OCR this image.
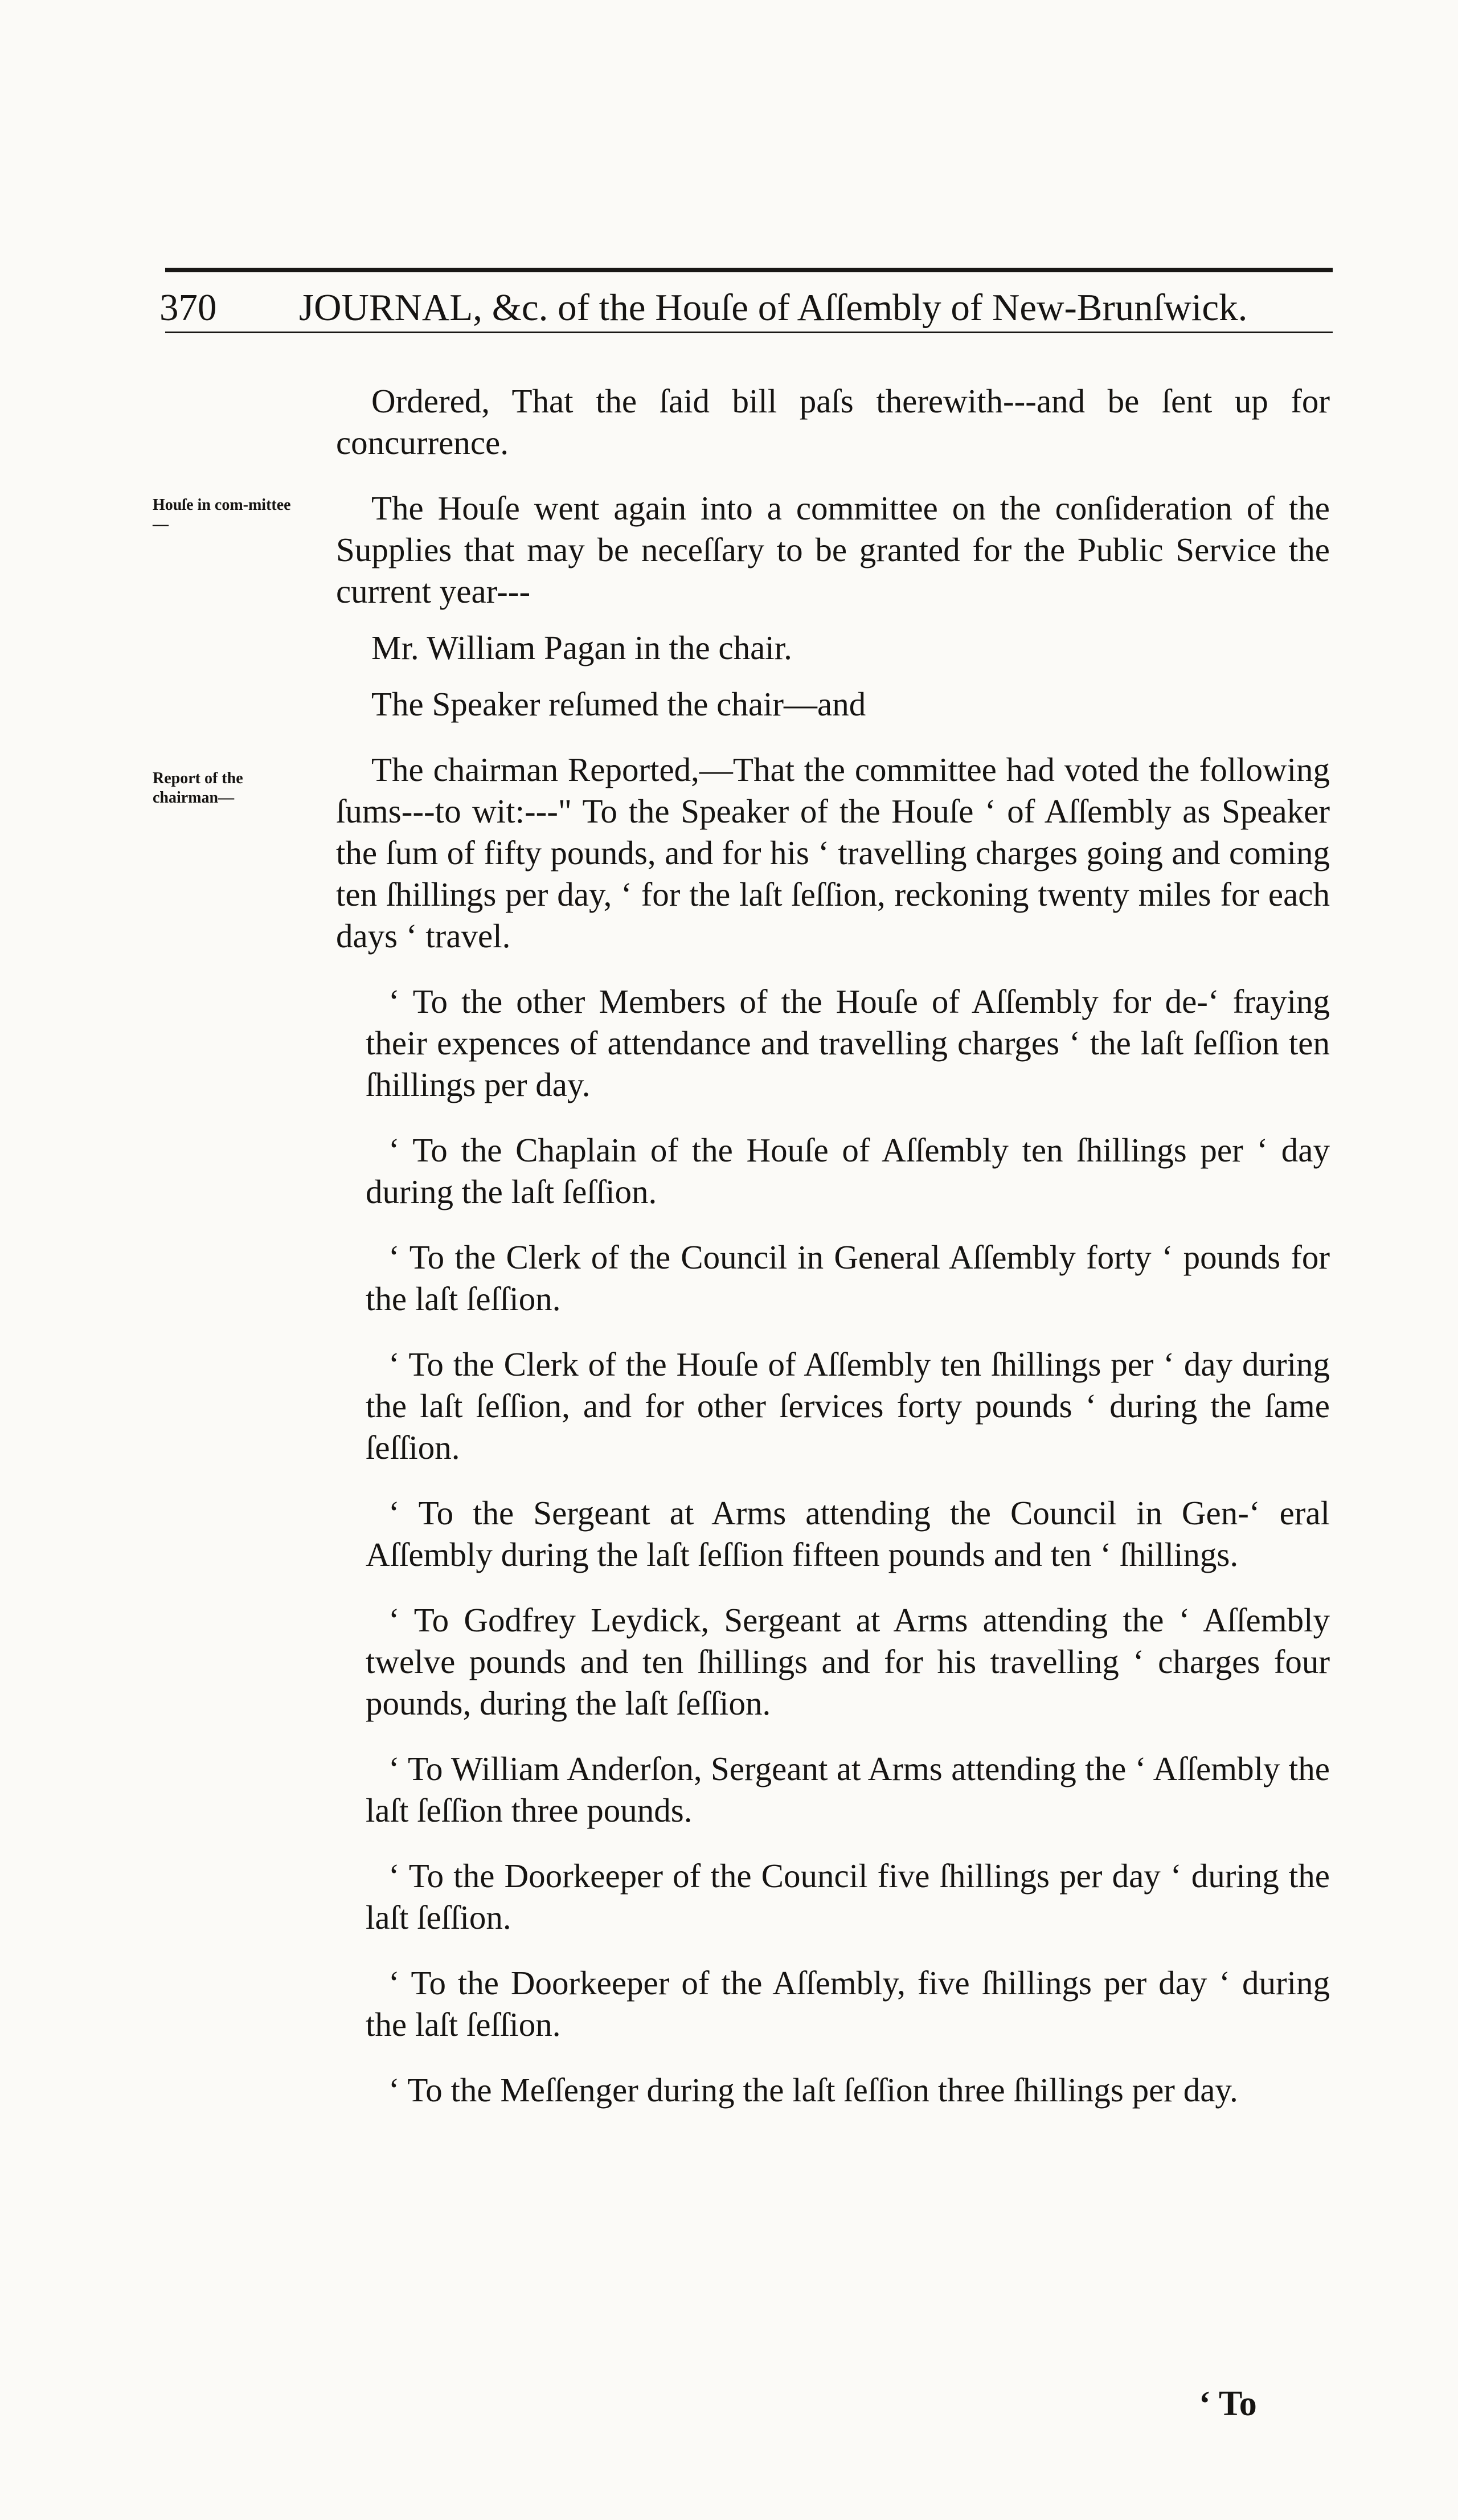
370 JOURNAL, &c. of the Houſe of Aſſembly of New-Brunſwick.
Houſe in com-mittee—
Report of the chairman—

Ordered, That the ſaid bill paſs therewith---and be ſent up for concurrence.

The Houſe went again into a committee on the conſideration of the Supplies that may be neceſſary to be granted for the Public Service the current year---

Mr. William Pagan in the chair.

The Speaker reſumed the chair—and

The chairman Reported,—That the committee had voted the following ſums---to wit:---" To the Speaker of the Houſe ‘ of Aſſembly as Speaker the ſum of fifty pounds, and for his ‘ travelling charges going and coming ten ſhillings per day, ‘ for the laſt ſeſſion, reckoning twenty miles for each days ‘ travel.

‘ To the other Members of the Houſe of Aſſembly for de-‘ fraying their expences of attendance and travelling charges ‘ the laſt ſeſſion ten ſhillings per day.

‘ To the Chaplain of the Houſe of Aſſembly ten ſhillings per ‘ day during the laſt ſeſſion.

‘ To the Clerk of the Council in General Aſſembly forty ‘ pounds for the laſt ſeſſion.

‘ To the Clerk of the Houſe of Aſſembly ten ſhillings per ‘ day during the laſt ſeſſion, and for other ſervices forty pounds ‘ during the ſame ſeſſion.

‘ To the Sergeant at Arms attending the Council in Gen-‘ eral Aſſembly during the laſt ſeſſion fifteen pounds and ten ‘ ſhillings.

‘ To Godfrey Leydick, Sergeant at Arms attending the ‘ Aſſembly twelve pounds and ten ſhillings and for his travelling ‘ charges four pounds, during the laſt ſeſſion.

‘ To William Anderſon, Sergeant at Arms attending the ‘ Aſſembly the laſt ſeſſion three pounds.

‘ To the Doorkeeper of the Council five ſhillings per day ‘ during the laſt ſeſſion.

‘ To the Doorkeeper of the Aſſembly, five ſhillings per day ‘ during the laſt ſeſſion.

‘ To the Meſſenger during the laſt ſeſſion three ſhillings per day.

‘ To
